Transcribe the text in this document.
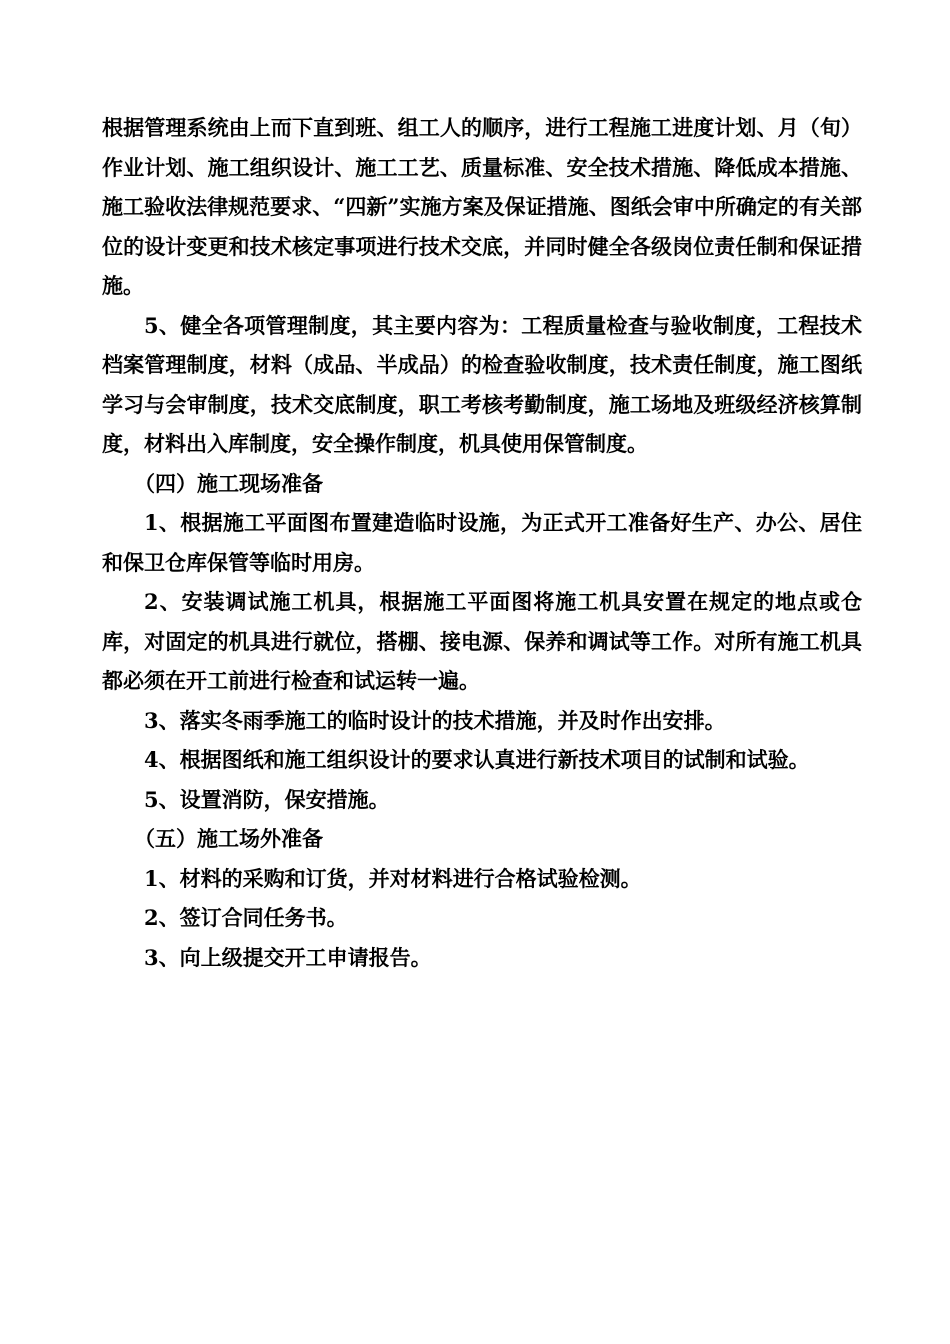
根据管理系统由上而下直到班、组工人的顺序，进行工程施工进度计划、月（旬）作业计划、施工组织设计、施工工艺、质量标准、安全技术措施、降低成本措施、施工验收法律规范要求、“四新”实施方案及保证措施、图纸会审中所确定的有关部位的设计变更和技术核定事项进行技术交底，并同时健全各级岗位责任制和保证措施。

5、健全各项管理制度，其主要内容为：工程质量检查与验收制度，工程技术档案管理制度，材料（成品、半成品）的检查验收制度，技术责任制度，施工图纸学习与会审制度，技术交底制度，职工考核考勤制度，施工场地及班级经济核算制度，材料出入库制度，安全操作制度，机具使用保管制度。

（四）施工现场准备

1、根据施工平面图布置建造临时设施，为正式开工准备好生产、办公、居住和保卫仓库保管等临时用房。

2、安装调试施工机具，根据施工平面图将施工机具安置在规定的地点或仓库，对固定的机具进行就位，搭棚、接电源、保养和调试等工作。对所有施工机具都必须在开工前进行检查和试运转一遍。

3、落实冬雨季施工的临时设计的技术措施，并及时作出安排。

4、根据图纸和施工组织设计的要求认真进行新技术项目的试制和试验。

5、设置消防，保安措施。

（五）施工场外准备

1、材料的采购和订货，并对材料进行合格试验检测。

2、签订合同任务书。

3、向上级提交开工申请报告。
